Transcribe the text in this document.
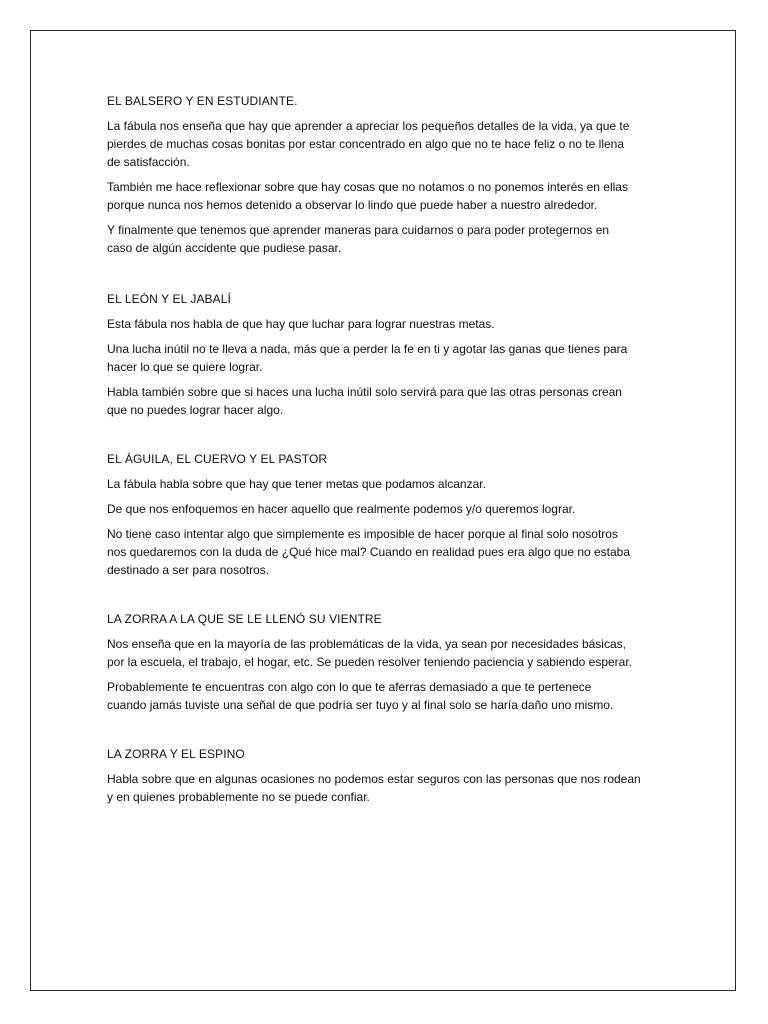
EL BALSERO Y EN ESTUDIANTE.

La fábula nos enseña que hay que aprender a apreciar los pequeños detalles de la vida, ya que te
pierdes de muchas cosas bonitas por estar concentrado en algo que no te hace feliz o no te llena
de satisfacción.

También me hace reflexionar sobre que hay cosas que no notamos o no ponemos interés en ellas
porque nunca nos hemos detenido a observar lo lindo que puede haber a nuestro alrededor.

Y finalmente que tenemos que aprender maneras para cuidarnos o para poder protegernos en
caso de algún accidente que pudiese pasar.

EL LEÓN Y EL JABALÍ

Esta fábula nos habla de que hay que luchar para lograr nuestras metas.

Una lucha inútil no te lleva a nada, más que a perder la fe en ti y agotar las ganas que tienes para
hacer lo que se quiere lograr.

Habla también sobre que si haces una lucha inútil solo servirá para que las otras personas crean
que no puedes lograr hacer algo.

EL ÁGUILA, EL CUERVO Y EL PASTOR

La fábula habla sobre que hay que tener metas que podamos alcanzar.

De que nos enfoquemos en hacer aquello que realmente podemos y/o queremos lograr.

No tiene caso intentar algo que simplemente es imposible de hacer porque al final solo nosotros
nos quedaremos con la duda de ¿Qué hice mal? Cuando en realidad pues era algo que no estaba
destinado a ser para nosotros.

LA ZORRA A LA QUE SE LE LLENÓ SU VIENTRE

Nos enseña que en la mayoría de las problemáticas de la vida, ya sean por necesidades básicas,
por la escuela, el trabajo, el hogar, etc. Se pueden resolver teniendo paciencia y sabiendo esperar.

Probablemente te encuentras con algo con lo que te aferras demasiado a que te pertenece
cuando jamás tuviste una señal de que podría ser tuyo y al final solo se haría daño uno mismo.

LA ZORRA Y EL ESPINO

Habla sobre que en algunas ocasiones no podemos estar seguros con las personas que nos rodean
y en quienes probablemente no se puede confiar.
